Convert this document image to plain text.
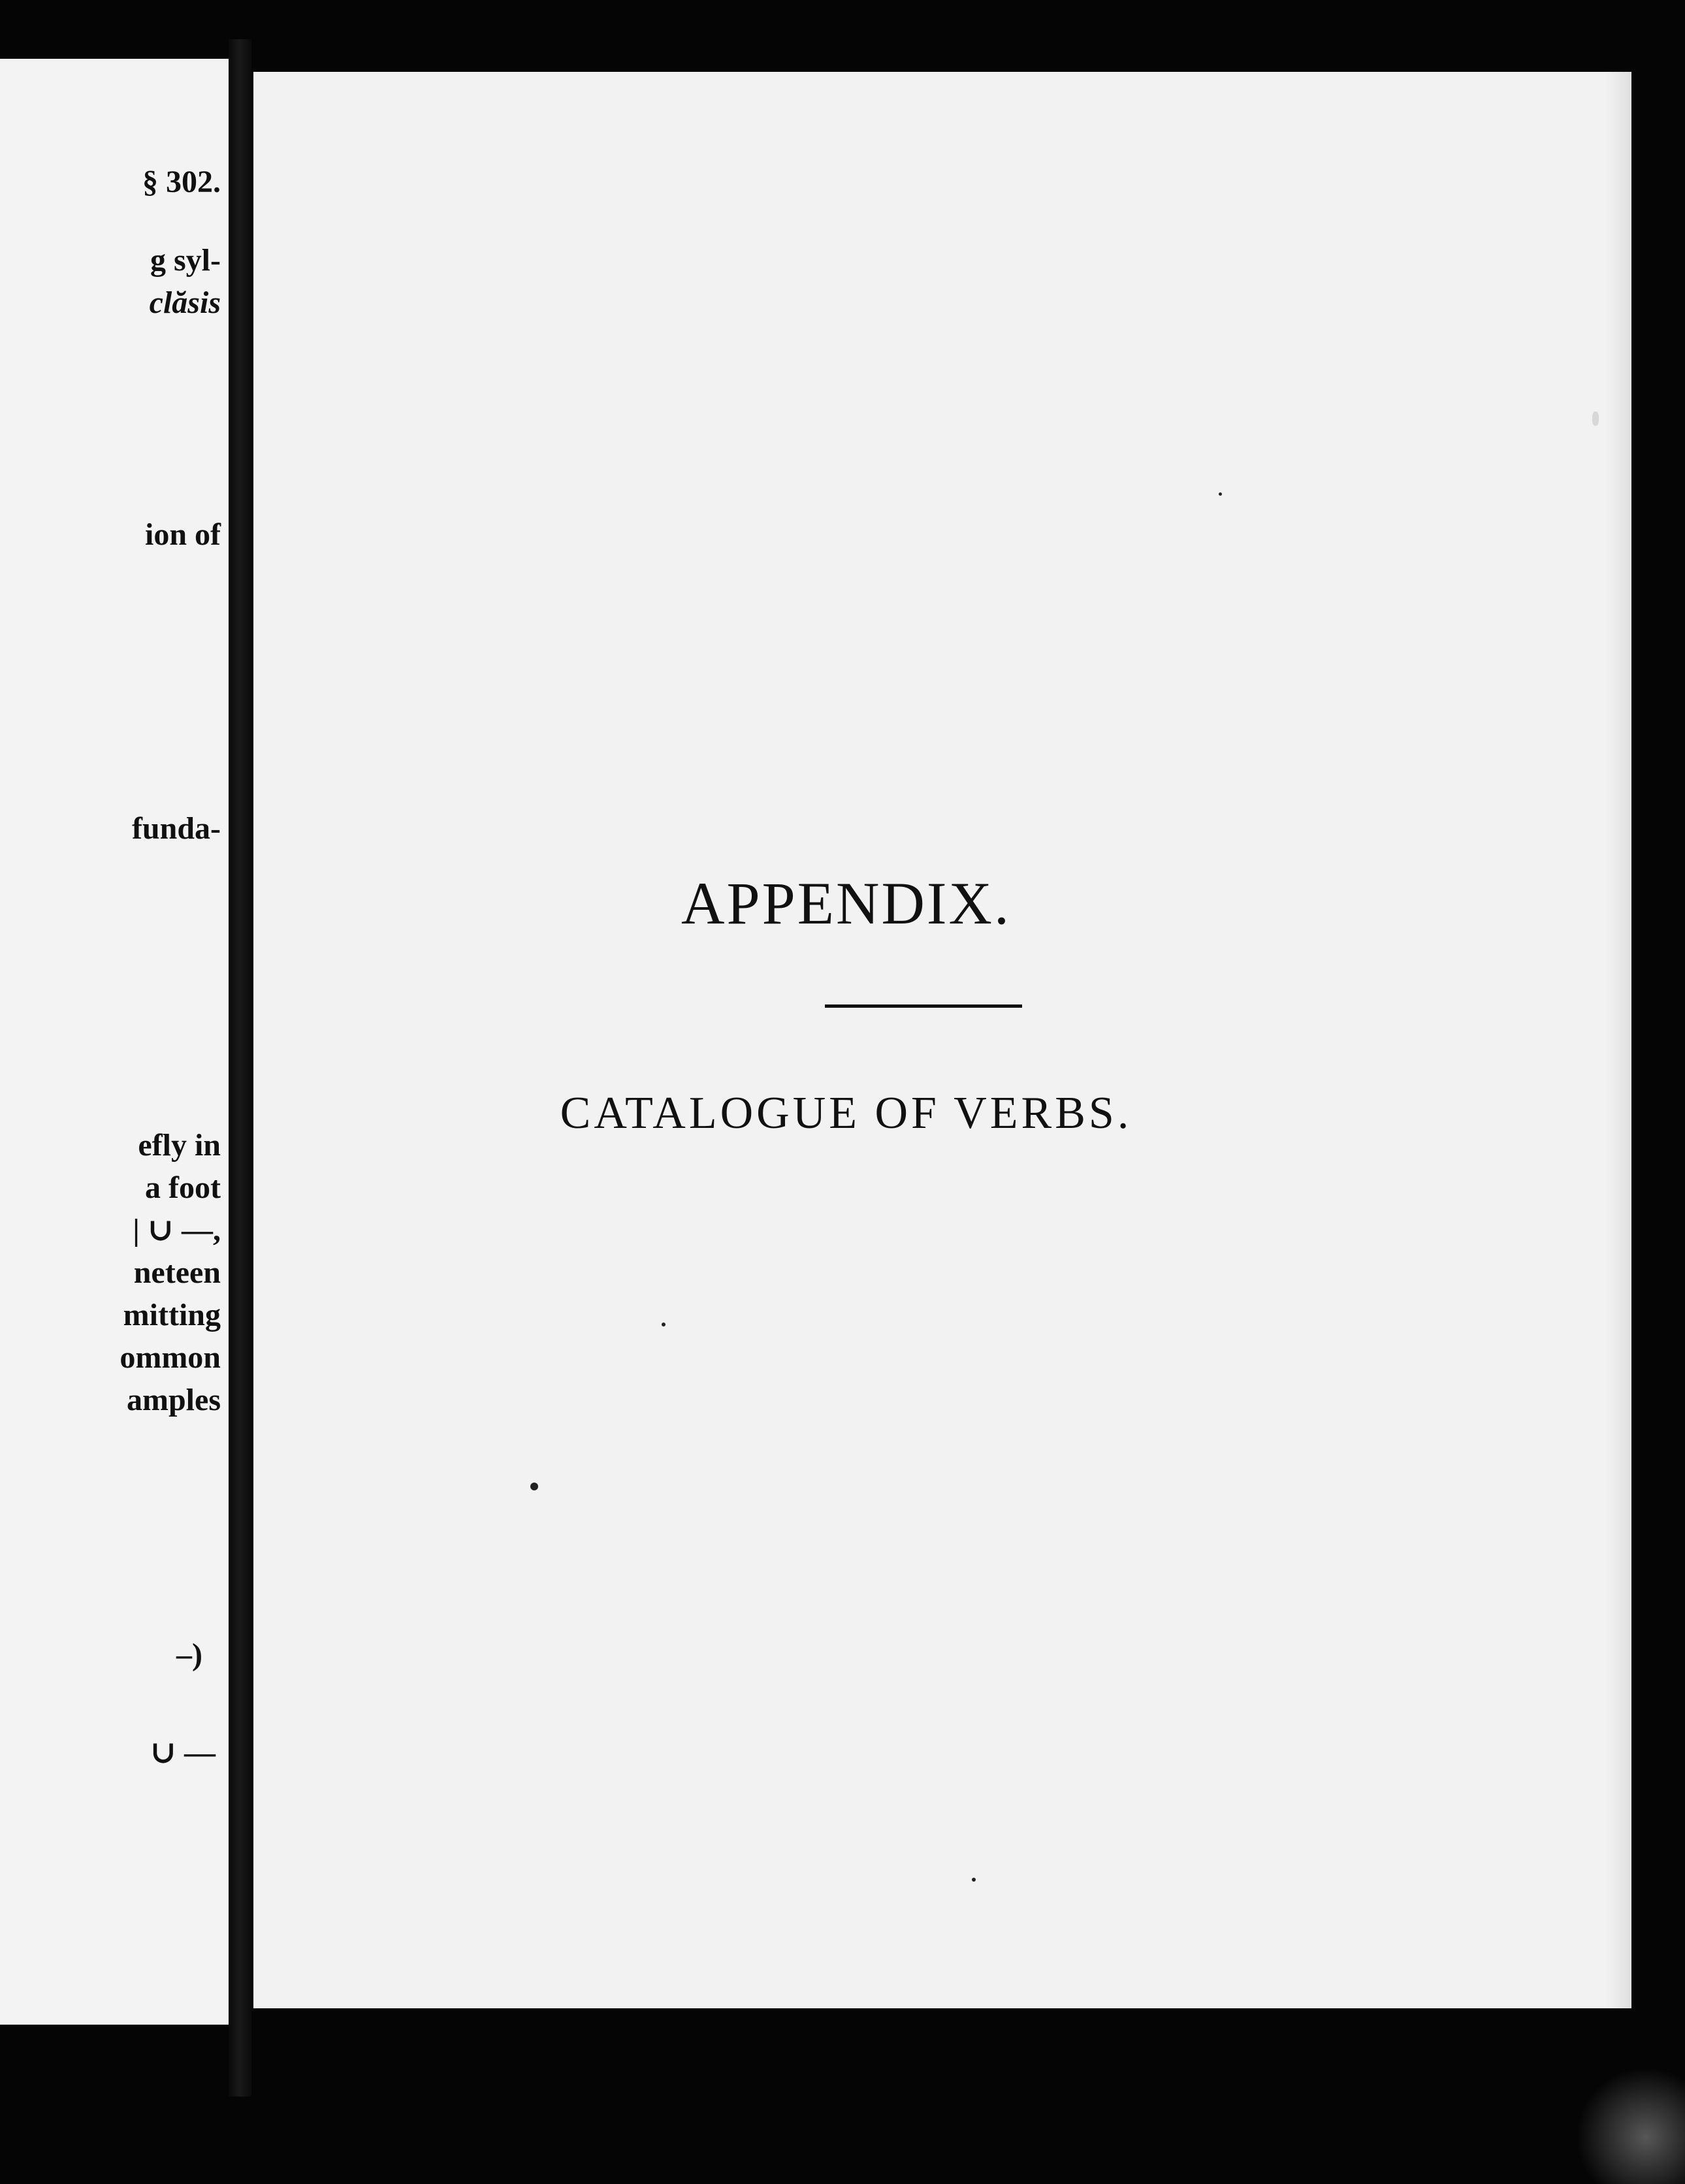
§ 302.
g syl-
clăsis
ion of
funda-
efly in
a foot
| ∪ —,
neteen
mitting
ommon
amples
–)
∪ —
APPENDIX.
CATALOGUE OF VERBS.
